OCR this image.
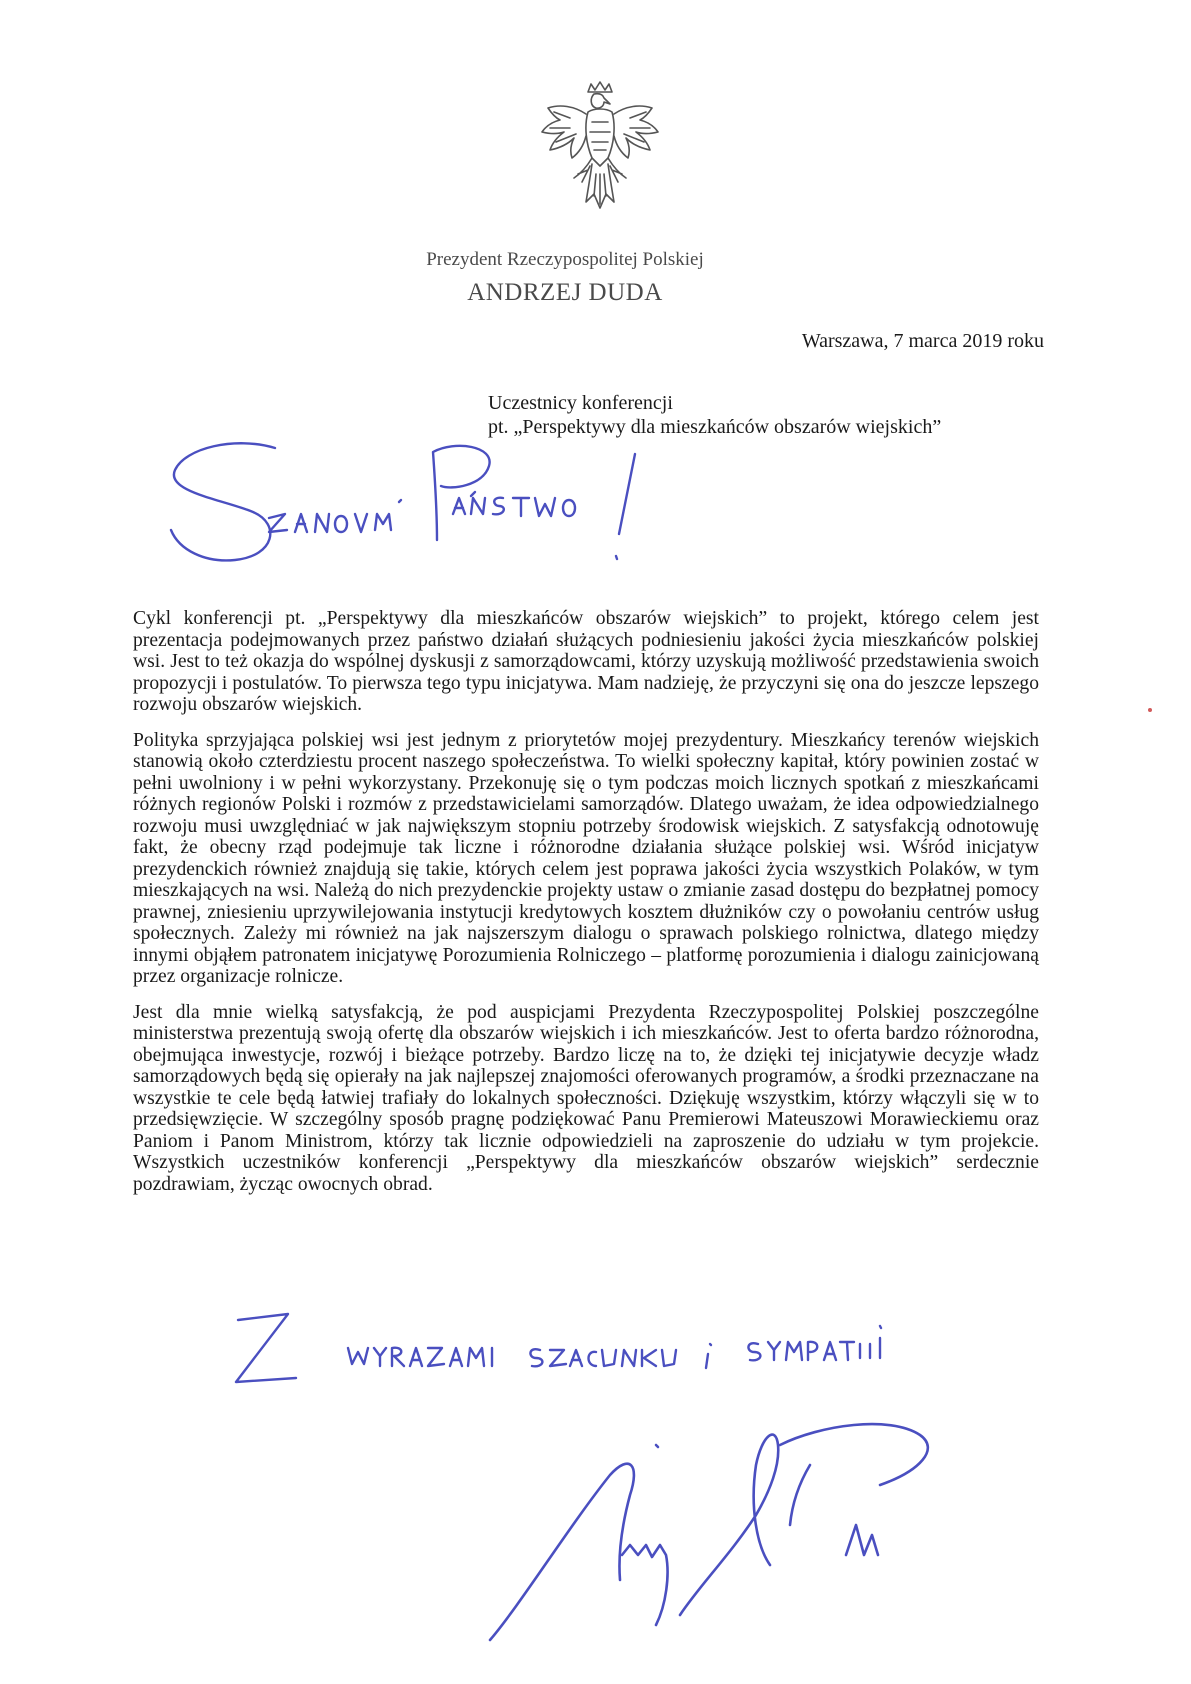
Prezydent Rzeczypospolitej Polskiej
ANDRZEJ DUDA
Warszawa, 7 marca 2019 roku
Uczestnicy konferencji
pt. „Perspektywy dla mieszkańców obszarów wiejskich”

Cykl konferencji pt. „Perspektywy dla mieszkańców obszarów wiejskich” to projekt, którego celem jest prezentacja podejmowanych przez państwo działań służących podniesieniu jakości życia mieszkańców polskiej wsi. Jest to też okazja do wspólnej dyskusji z samorządowcami, którzy uzyskują możliwość przedstawienia swoich propozycji i postulatów. To pierwsza tego typu inicjatywa. Mam nadzieję, że przyczyni się ona do jeszcze lepszego rozwoju obszarów wiejskich.

Polityka sprzyjająca polskiej wsi jest jednym z priorytetów mojej prezydentury. Mieszkańcy terenów wiejskich stanowią około czterdziestu procent naszego społeczeństwa. To wielki społeczny kapitał, który powinien zostać w pełni uwolniony i w pełni wykorzystany. Przekonuję się o tym podczas moich licznych spotkań z mieszkańcami różnych regionów Polski i rozmów z przedstawicielami samorządów. Dlatego uważam, że idea odpowiedzialnego rozwoju musi uwzględniać w jak największym stopniu potrzeby środowisk wiejskich. Z satysfakcją odnotowuję fakt, że obecny rząd podejmuje tak liczne i różnorodne działania służące polskiej wsi. Wśród inicjatyw prezydenckich również znajdują się takie, których celem jest poprawa jakości życia wszystkich Polaków, w tym mieszkających na wsi. Należą do nich prezydenckie projekty ustaw o zmianie zasad dostępu do bezpłatnej pomocy prawnej, zniesieniu uprzywilejowania instytucji kredytowych kosztem dłużników czy o powołaniu centrów usług społecznych. Zależy mi również na jak najszerszym dialogu o sprawach polskiego rolnictwa, dlatego między innymi objąłem patronatem inicjatywę Porozumienia Rolniczego – platformę porozumienia i dialogu zainicjowaną przez organizacje rolnicze.

Jest dla mnie wielką satysfakcją, że pod auspicjami Prezydenta Rzeczypospolitej Polskiej poszczególne ministerstwa prezentują swoją ofertę dla obszarów wiejskich i ich mieszkańców. Jest to oferta bardzo różnorodna, obejmująca inwestycje, rozwój i bieżące potrzeby. Bardzo liczę na to, że dzięki tej inicjatywie decyzje władz samorządowych będą się opierały na jak najlepszej znajomości oferowanych programów, a środki przeznaczane na wszystkie te cele będą łatwiej trafiały do lokalnych społeczności. Dziękuję wszystkim, którzy włączyli się w to przedsięwzięcie. W szczególny sposób pragnę podziękować Panu Premierowi Mateuszowi Morawieckiemu oraz Paniom i Panom Ministrom, którzy tak licznie odpowiedzieli na zaproszenie do udziału w tym projekcie. Wszystkich uczestników konferencji „Perspektywy dla mieszkańców obszarów wiejskich” serdecznie pozdrawiam, życząc owocnych obrad.
